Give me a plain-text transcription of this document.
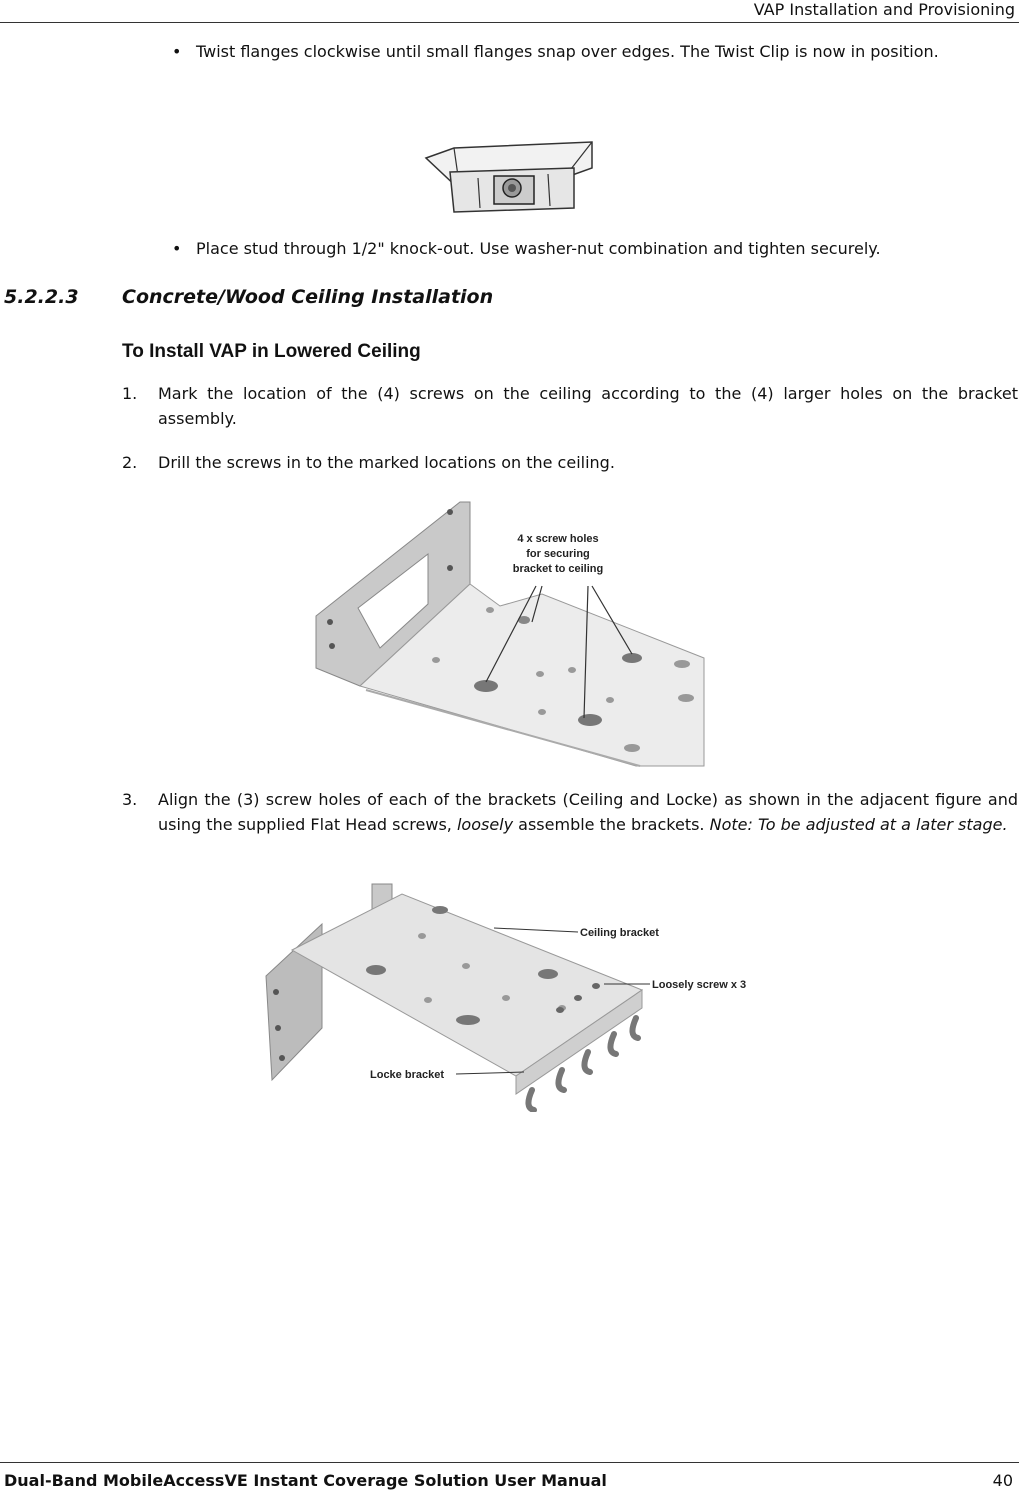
VAP Installation and Provisioning
• Twist flanges clockwise until small flanges snap over edges. The Twist Clip is now in position.
• Place stud through 1/2" knock-out. Use washer-nut combination and tighten securely.
5.2.2.3 Concrete/Wood Ceiling Installation
To Install VAP in Lowered Ceiling
1. Mark the location of the (4) screws on the ceiling according to the (4) larger holes on the bracket assembly.
2. Drill the screws in to the marked locations on the ceiling.
4 x screw holes
for securing
bracket to ceiling
3. Align the (3) screw holes of each of the brackets (Ceiling and Locke) as shown in the adjacent figure and using the supplied Flat Head screws, loosely assemble the brackets. Note: To be adjusted at a later stage.
Ceiling bracket
Loosely screw x 3
Locke bracket
Dual-Band MobileAccessVE Instant Coverage Solution User Manual	40
